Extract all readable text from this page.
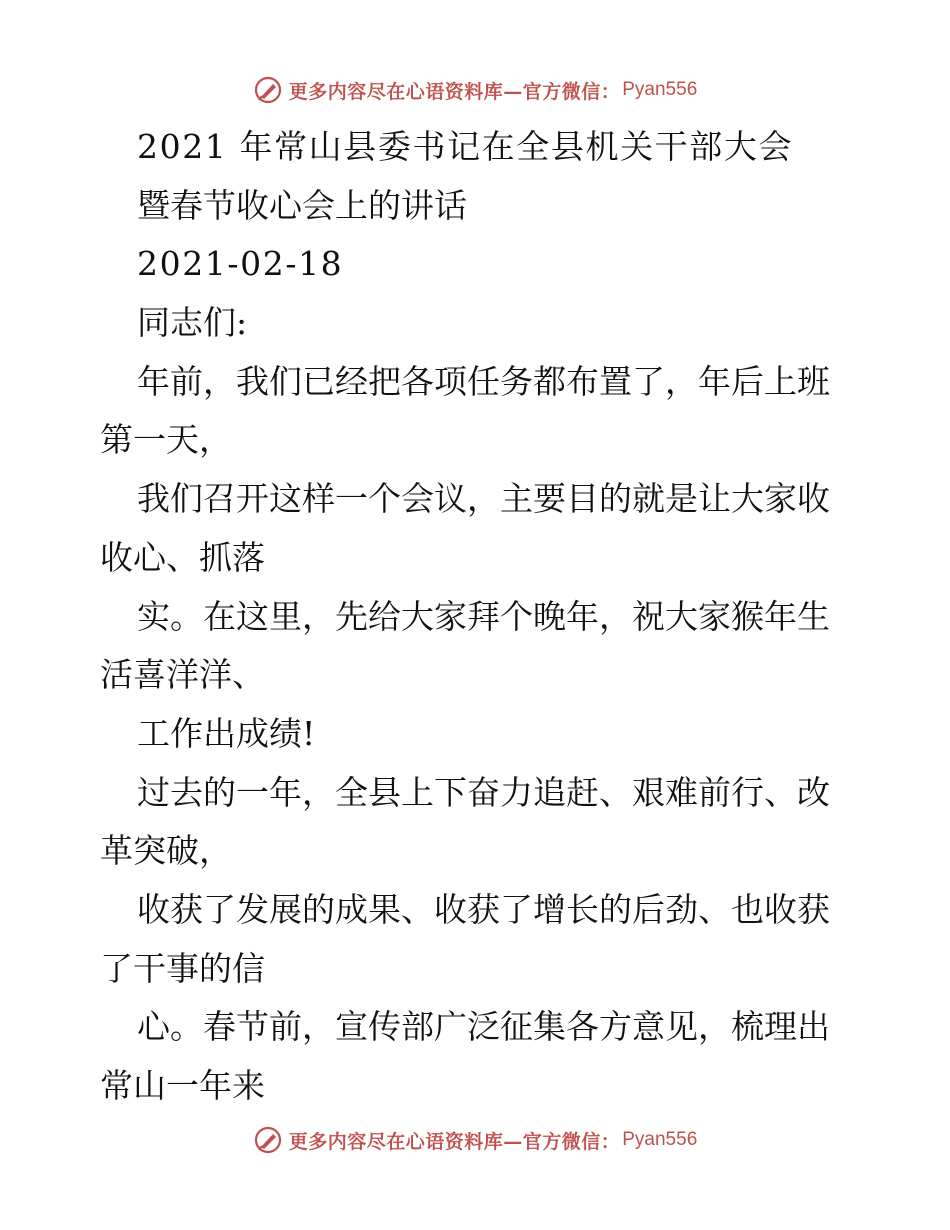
更多内容尽在心语资料库—官方微信： Pyan556
2021 年常山县委书记在全县机关干部大会
暨春节收心会上的讲话
2021-02-18
同志们:
年前，我们已经把各项任务都布置了，年后上班
第一天，
我们召开这样一个会议，主要目的就是让大家收
收心、抓落
实。在这里，先给大家拜个晚年，祝大家猴年生
活喜洋洋、
工作出成绩!
过去的一年，全县上下奋力追赶、艰难前行、改
革突破，
收获了发展的成果、收获了增长的后劲、也收获
了干事的信
心。春节前，宣传部广泛征集各方意见，梳理出
常山一年来
更多内容尽在心语资料库—官方微信： Pyan556
